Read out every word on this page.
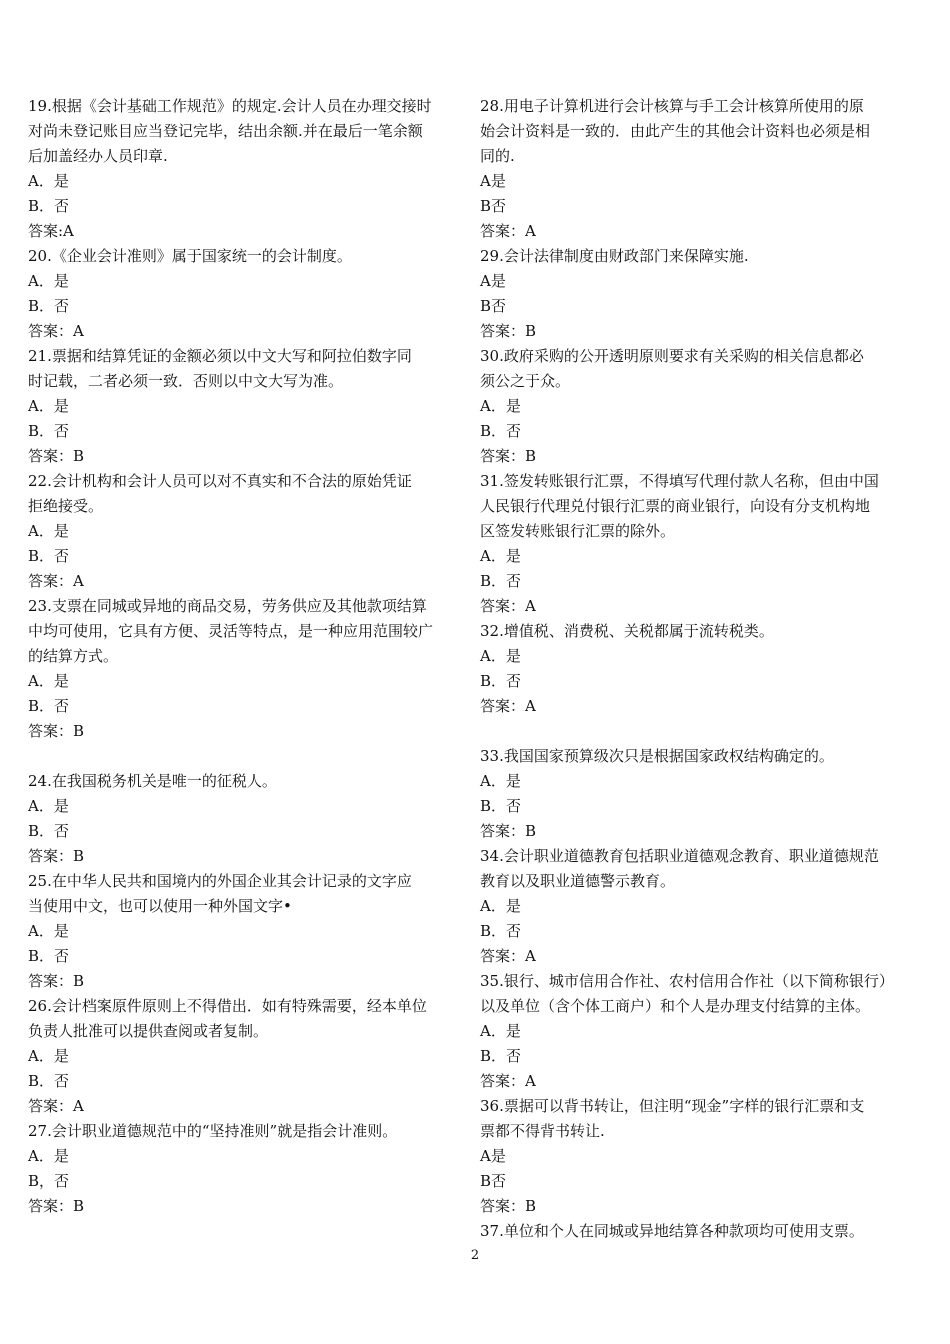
19.根据《会计基础工作规范》的规定.会计人员在办理交接时
对尚未登记账目应当登记完毕，结出余额.并在最后一笔余额
后加盖经办人员印章.
A．是
B．否
答案:A
20.《企业会计准则》属于国家统一的会计制度。
A．是
B．否
答案：A
21.票据和结算凭证的金额必须以中文大写和阿拉伯数字同
时记载，二者必须一致．否则以中文大写为准。
A．是
B．否
答案：B
22.会计机构和会计人员可以对不真实和不合法的原始凭证
拒绝接受。
A．是
B．否
答案：A
23.支票在同城或异地的商品交易，劳务供应及其他款项结算
中均可使用，它具有方便、灵活等特点，是一种应用范围较广
的结算方式。
A．是
B．否
答案：B
24.在我国税务机关是唯一的征税人。
A．是
B．否
答案：B
25.在中华人民共和国境内的外国企业其会计记录的文字应
当使用中文，也可以使用一种外国文字•
A．是
B．否
答案：B
26.会计档案原件原则上不得借出．如有特殊需要，经本单位
负责人批准可以提供查阅或者复制。
A．是
B．否
答案：A
27.会计职业道德规范中的“坚持准则”就是指会计准则。
A．是
B，否
答案：B
28.用电子计算机进行会计核算与手工会计核算所使用的原
始会计资料是一致的．由此产生的其他会计资料也必须是相
同的.
A是
B否
答案：A
29.会计法律制度由财政部门来保障实施.
A是
B否
答案：B
30.政府采购的公开透明原则要求有关采购的相关信息都必
须公之于众。
A．是
B．否
答案：B
31.签发转账银行汇票，不得填写代理付款人名称，但由中国
人民银行代理兑付银行汇票的商业银行，向设有分支机构地
区签发转账银行汇票的除外。
A．是
B．否
答案：A
32.增值税、消费税、关税都属于流转税类。
A．是
B．否
答案：A
33.我国国家预算级次只是根据国家政权结构确定的。
A．是
B．否
答案：B
34.会计职业道德教育包括职业道德观念教育、职业道德规范
教育以及职业道德警示教育。
A．是
B．否
答案：A
35.银行、城市信用合作社、农村信用合作社（以下简称银行）
以及单位（含个体工商户）和个人是办理支付结算的主体。
A．是
B．否
答案：A
36.票据可以背书转让，但注明“现金”字样的银行汇票和支
票都不得背书转让.
A是
B否
答案：B
37.单位和个人在同城或异地结算各种款项均可使用支票。
2
